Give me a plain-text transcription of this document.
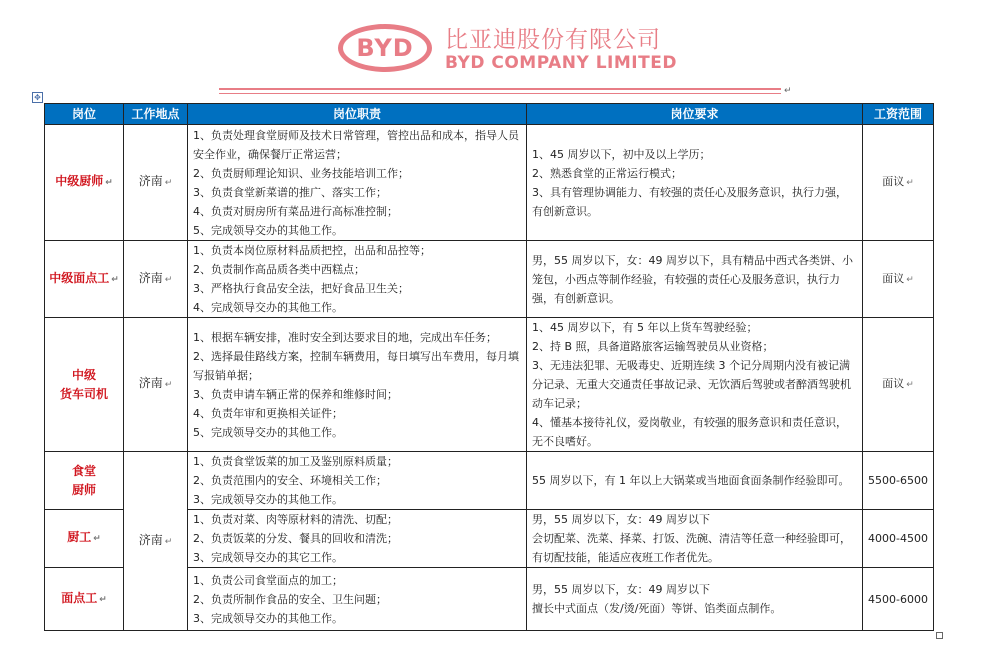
BYD	比亚迪股份有限公司
BYD COMPANY LIMITED
↵
✥
岗位	工作地点	岗位职责	岗位要求	工资范围
中级厨师 ↵	济南 ↵	1、负责处理食堂厨师及技术日常管理，管控出品和成本，指导人员安全作业，确保餐厅正常运营；
2、负责厨师理论知识、业务技能培训工作；
3、负责食堂新菜谱的推广、落实工作；
4、负责对厨房所有菜品进行高标准控制；
5、完成领导交办的其他工作。	1、45 周岁以下，初中及以上学历；
2、熟悉食堂的正常运行模式；
3、具有管理协调能力、有较强的责任心及服务意识，执行力强，有创新意识。	面议 ↵
中级面点工 ↵	济南 ↵	1、负责本岗位原材料品质把控，出品和品控等；
2、负责制作高品质各类中西糕点；
3、严格执行食品安全法，把好食品卫生关；
4、完成领导交办的其他工作。	男，55 周岁以下，女：49 周岁以下，具有精品中西式各类饼、小笼包，小西点等制作经验，有较强的责任心及服务意识，执行力强，有创新意识。	面议 ↵

中级
货车司机	济南 ↵	1、根据车辆安排，准时安全到达要求目的地，完成出车任务；
2、选择最佳路线方案，控制车辆费用，每日填写出车费用，每月填写报销单据；
3、负责申请车辆正常的保养和维修时间；
4、负责年审和更换相关证件；
5、完成领导交办的其他工作。	1、45 周岁以下，有 5 年以上货车驾驶经验；
2、持 B 照，具备道路旅客运输驾驶员从业资格；
3、无违法犯罪、无吸毒史、近期连续 3 个记分周期内没有被记满分记录、无重大交通责任事故记录、无饮酒后驾驶或者醉酒驾驶机动车记录；
4、懂基本接待礼仪，爱岗敬业，有较强的服务意识和责任意识，无不良嗜好。	面议 ↵

食堂
厨师	济南 ↵	1、负责食堂饭菜的加工及鉴别原料质量；
2、负责范围内的安全、环境相关工作；
3、完成领导交办的其他工作。	55 周岁以下，有 1 年以上大锅菜或当地面食面条制作经验即可。	5500-6500
厨工 ↵		1、负责对菜、肉等原材料的清洗、切配；
2、负责饭菜的分发、餐具的回收和清洗；
3、完成领导交办的其它工作。	男，55 周岁以下，女：49 周岁以下
会切配菜、洗菜、择菜、打饭、洗碗、清洁等任意一种经验即可，有切配技能，能适应夜班工作者优先。	4000-4500
面点工 ↵		1、负责公司食堂面点的加工；
2、负责所制作食品的安全、卫生问题；
3、完成领导交办的其他工作。	男，55 周岁以下，女：49 周岁以下
擅长中式面点（发/烫/死面）等饼、馅类面点制作。	4500-6000
